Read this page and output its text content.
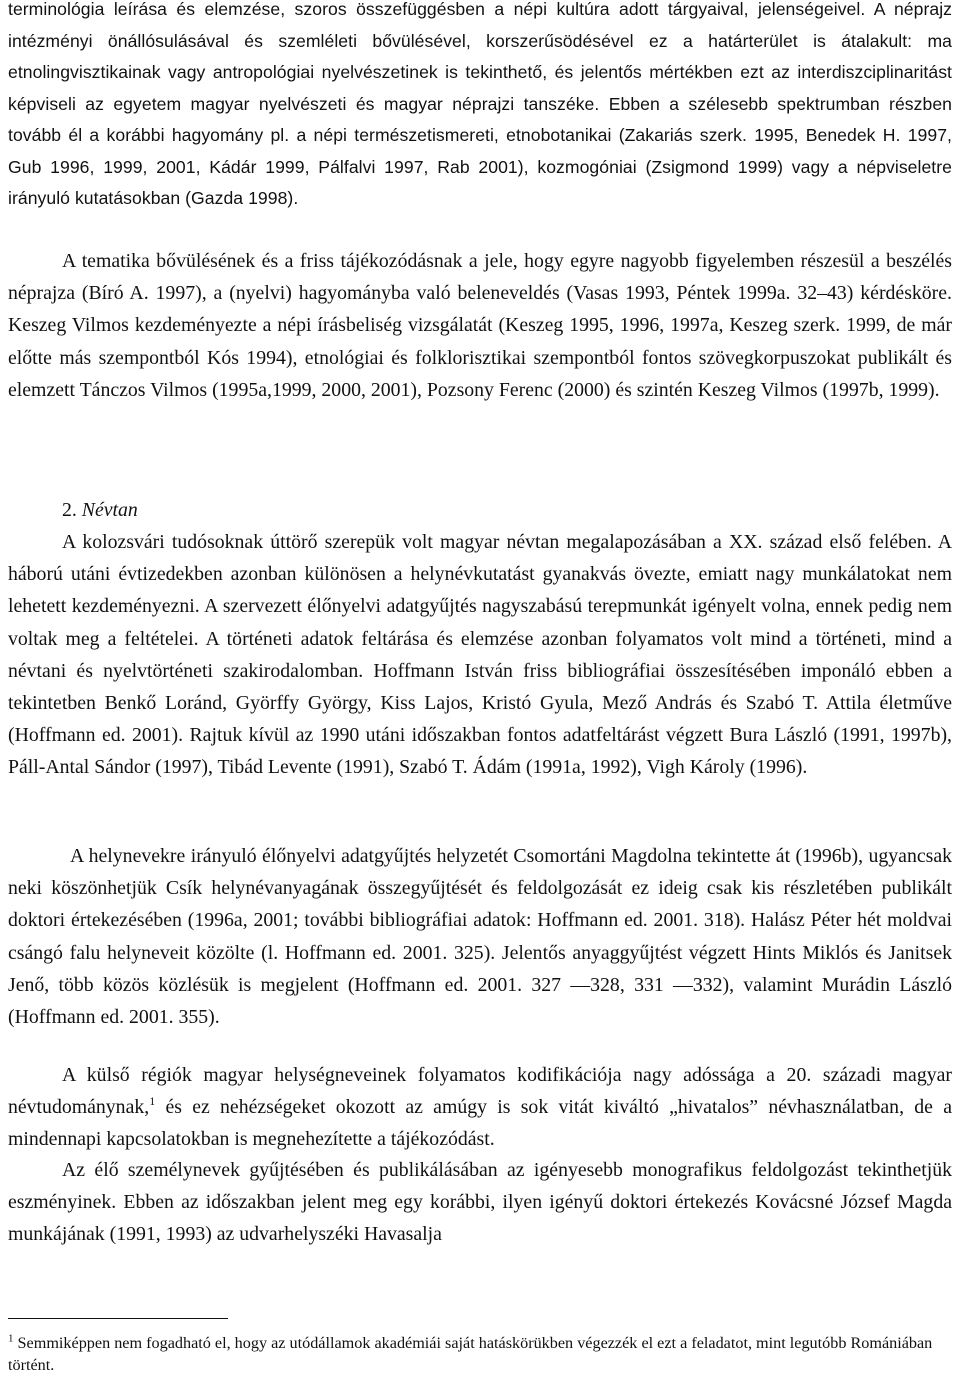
terminológia leírása és elemzése, szoros összefüggésben a népi kultúra adott tárgyaival, jelenségeivel. A néprajz intézményi önállósulásával és szemléleti bővülésével, korszerűsödésével ez a határterület is átalakult: ma etnolingvisztikainak vagy antropológiai nyelvészetinek is tekinthető, és jelentős mértékben ezt az interdiszciplinaritást képviseli az egyetem magyar nyelvészeti és magyar néprajzi tanszéke. Ebben a szélesebb spektrumban részben tovább él a korábbi hagyomány pl. a népi természetismereti, etnobotanikai (Zakariás szerk. 1995, Benedek H. 1997, Gub 1996, 1999, 2001, Kádár 1999, Pálfalvi 1997, Rab 2001), kozmogóniai (Zsigmond 1999) vagy a népviseletre irányuló kutatásokban (Gazda 1998).

A tematika bővülésének és a friss tájékozódásnak a jele, hogy egyre nagyobb figyelemben részesül a beszélés néprajza (Bíró A. 1997), a (nyelvi) hagyományba való beleneveldés (Vasas 1993, Péntek 1999a. 32–43) kérdésköre. Keszeg Vilmos kezdeményezte a népi írásbeliség vizsgálatát (Keszeg 1995, 1996, 1997a, Keszeg szerk. 1999, de már előtte más szempontból Kós 1994), etnológiai és folklorisztikai szempontból fontos szövegkorpuszokat publikált és elemzett Tánczos Vilmos (1995a,1999, 2000, 2001), Pozsony Ferenc (2000) és szintén Keszeg Vilmos (1997b, 1999).

2. Névtan

A kolozsvári tudósoknak úttörő szerepük volt magyar névtan megalapozásában a XX. század első felében. A háború utáni évtizedekben azonban különösen a helynévkutatást gyanakvás övezte, emiatt nagy munkálatokat nem lehetett kezdeményezni. A szervezett élőnyelvi adatgyűjtés nagyszabású terepmunkát igényelt volna, ennek pedig nem voltak meg a feltételei. A történeti adatok feltárása és elemzése azonban folyamatos volt mind a történeti, mind a névtani és nyelvtörténeti szakirodalomban. Hoffmann István friss bibliográfiai összesítésében imponáló ebben a tekintetben Benkő Loránd, Györffy György, Kiss Lajos, Kristó Gyula, Mező András és Szabó T. Attila életműve (Hoffmann ed. 2001). Rajtuk kívül az 1990 utáni időszakban fontos adatfeltárást végzett Bura László (1991, 1997b), Páll-Antal Sándor (1997), Tibád Levente (1991), Szabó T. Ádám (1991a, 1992), Vigh Károly (1996).

A helynevekre irányuló élőnyelvi adatgyűjtés helyzetét Csomortáni Magdolna tekintette át (1996b), ugyancsak neki köszönhetjük Csík helynévanyagának összegyűjtését és feldolgozását ez ideig csak kis részletében publikált doktori értekezésében (1996a, 2001; további bibliográfiai adatok: Hoffmann ed. 2001. 318). Halász Péter hét moldvai csángó falu helyneveit közölte (l. Hoffmann ed. 2001. 325). Jelentős anyaggyűjtést végzett Hints Miklós és Janitsek Jenő, több közös közlésük is megjelent (Hoffmann ed. 2001. 327 —328, 331 —332), valamint Murádin László (Hoffmann ed. 2001. 355).

A külső régiók magyar helységneveinek folyamatos kodifikációja nagy adóssága a 20. századi magyar névtudománynak,$^1$ és ez nehézségeket okozott az amúgy is sok vitát kiváltó „hivatalos” névhasználatban, de a mindennapi kapcsolatokban is megnehezítette a tájékozódást.

Az élő személynevek gyűjtésében és publikálásában az igényesebb monografikus feldolgozást tekinthetjük eszményinek. Ebben az időszakban jelent meg egy korábbi, ilyen igényű doktori értekezés Kovácsné József Magda munkájának (1991, 1993) az udvarhelyszéki Havasalja

$^1$ Semmiképpen nem fogadható el, hogy az utódállamok akadémiái saját hatáskörükben végezzék el ezt a feladatot, mint legutóbb Romániában történt.
